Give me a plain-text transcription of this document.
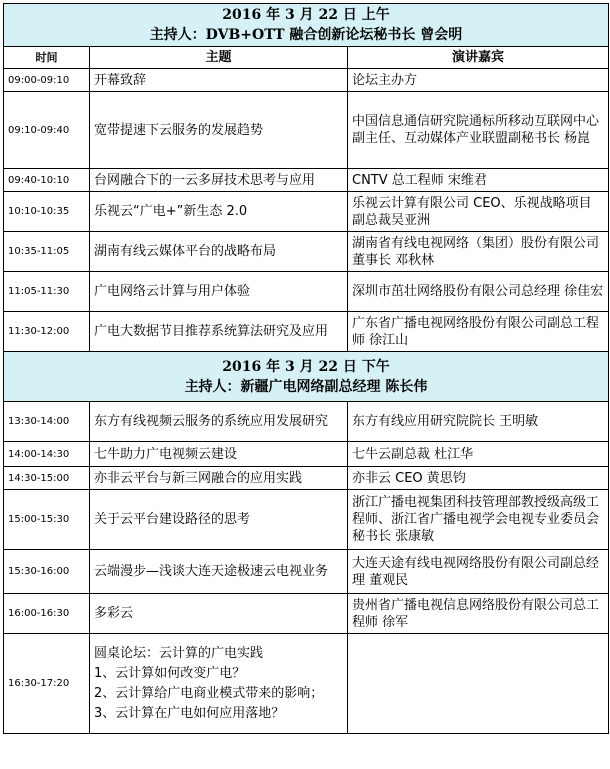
2016 年 3 月 22 日 上午
主持人：DVB+OTT 融合创新论坛秘书长 曾会明		

时间	主题	演讲嘉宾
09:00-09:10	开幕致辞	论坛主办方
09:10-09:40	宽带提速下云服务的发展趋势	中国信息通信研究院通标所移动互联网中心副主任、互动媒体产业联盟副秘书长 杨崑
09:40-10:10	台网融合下的一云多屏技术思考与应用	CNTV 总工程师 宋维君
10:10-10:35	乐视云“广电+”新生态 2.0	乐视云计算有限公司 CEO、乐视战略项目副总裁吴亚洲
10:35-11:05	湖南有线云媒体平台的战略布局	湖南省有线电视网络（集团）股份有限公司董事长 邓秋林
11:05-11:30	广电网络云计算与用户体验	深圳市茁壮网络股份有限公司总经理 徐佳宏
11:30-12:00	广电大数据节目推荐系统算法研究及应用	广东省广播电视网络股份有限公司副总工程师 徐江山

2016 年 3 月 22 日 下午
主持人：新疆广电网络副总经理 陈长伟		

13:30-14:00	东方有线视频云服务的系统应用发展研究	东方有线应用研究院院长 王明敏
14:00-14:30	七牛助力广电视频云建设	七牛云副总裁 杜江华
14:30-15:00	亦非云平台与新三网融合的应用实践	亦非云 CEO 黄思钧
15:00-15:30	关于云平台建设路径的思考	浙江广播电视集团科技管理部教授级高级工程师、浙江省广播电视学会电视专业委员会秘书长 张康敏
15:30-16:00	云端漫步—浅谈大连天途极速云电视业务	大连天途有线电视网络股份有限公司副总经理 董观民
16:00-16:30	多彩云	贵州省广播电视信息网络股份有限公司总工程师 徐军
16:30-17:20	圆桌论坛：云计算的广电实践
1、云计算如何改变广电？
2、云计算给广电商业模式带来的影响；
3、云计算在广电如何应用落地？	
